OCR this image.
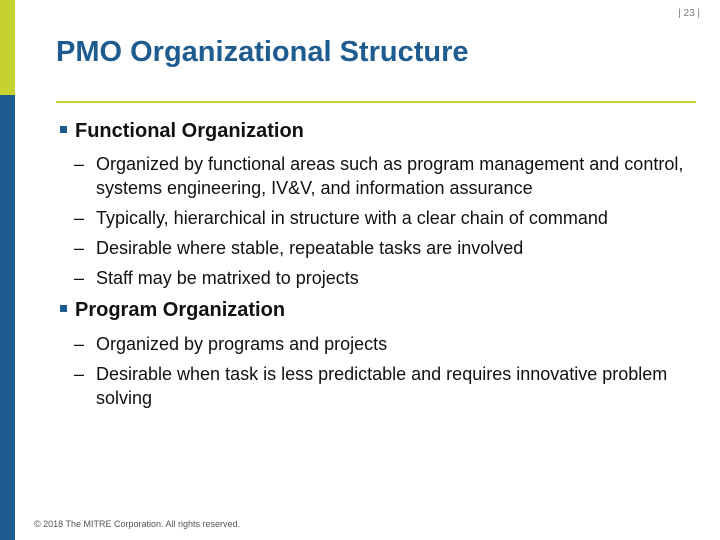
| 23 |
PMO Organizational Structure
Functional Organization
– Organized by functional areas such as program management and control, systems engineering, IV&V, and information assurance
– Typically, hierarchical in structure with a clear chain of command
– Desirable where stable, repeatable tasks are involved
– Staff may be matrixed to projects
Program Organization
– Organized by programs and projects
– Desirable when task is less predictable and requires innovative problem solving
© 2018 The MITRE Corporation. All rights reserved.
